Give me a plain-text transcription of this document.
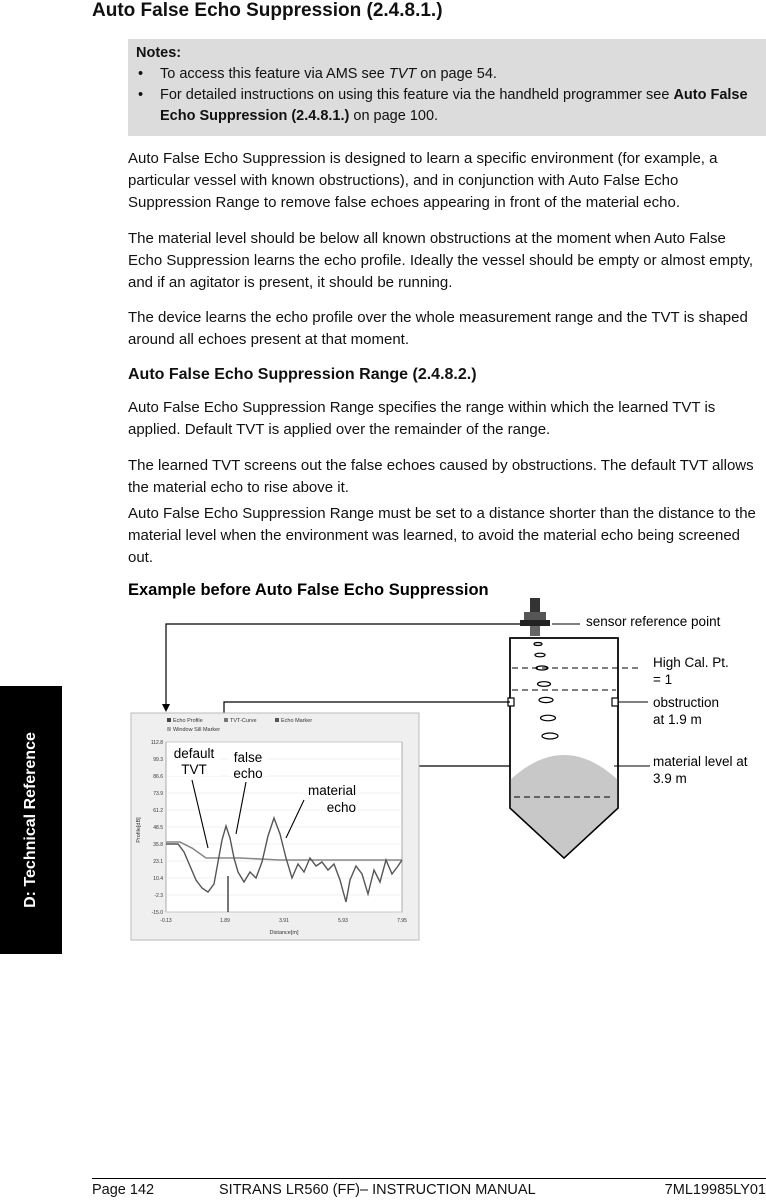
D: Technical Reference
Auto False Echo Suppression (2.4.8.1.)
Notes:
• To access this feature via AMS see TVT on page 54.
• For detailed instructions on using this feature via the handheld programmer see Auto False Echo Suppression (2.4.8.1.) on page 100.

Auto False Echo Suppression is designed to learn a specific environment (for example, a particular vessel with known obstructions), and in conjunction with Auto False Echo Suppression Range to remove false echoes appearing in front of the material echo.

The material level should be below all known obstructions at the moment when Auto False Echo Suppression learns the echo profile. Ideally the vessel should be empty or almost empty, and if an agitator is present, it should be running.

The device learns the echo profile over the whole measurement range and the TVT is shaped around all echoes present at that moment.

Auto False Echo Suppression Range (2.4.8.2.)

Auto False Echo Suppression Range specifies the range within which the learned TVT is applied. Default TVT is applied over the remainder of the range.

The learned TVT screens out the false echoes caused by obstructions. The default TVT allows the material echo to rise above it.

Auto False Echo Suppression Range must be set to a distance shorter than the distance to the material level when the environment was learned, to avoid the material echo being screened out.

Example before Auto False Echo Suppression
sensor reference point
High Cal. Pt.
= 1
obstruction
at 1.9 m
material level at
3.9 m
Echo Profile	TVT-Curve	Echo Marker
Window Sill Marker
112.8
99.3
86.6
73.9
61.2
48.5
35.8
23.1
10.4
-2.3
-15.0
-0.13	1.89	3.91	5.93	7.95
Profile[dB]
Distance[m]
default
TVT
false
echo
material
echo
Page 142	SITRANS LR560 (FF)– INSTRUCTION MANUAL	7ML19985LY01
